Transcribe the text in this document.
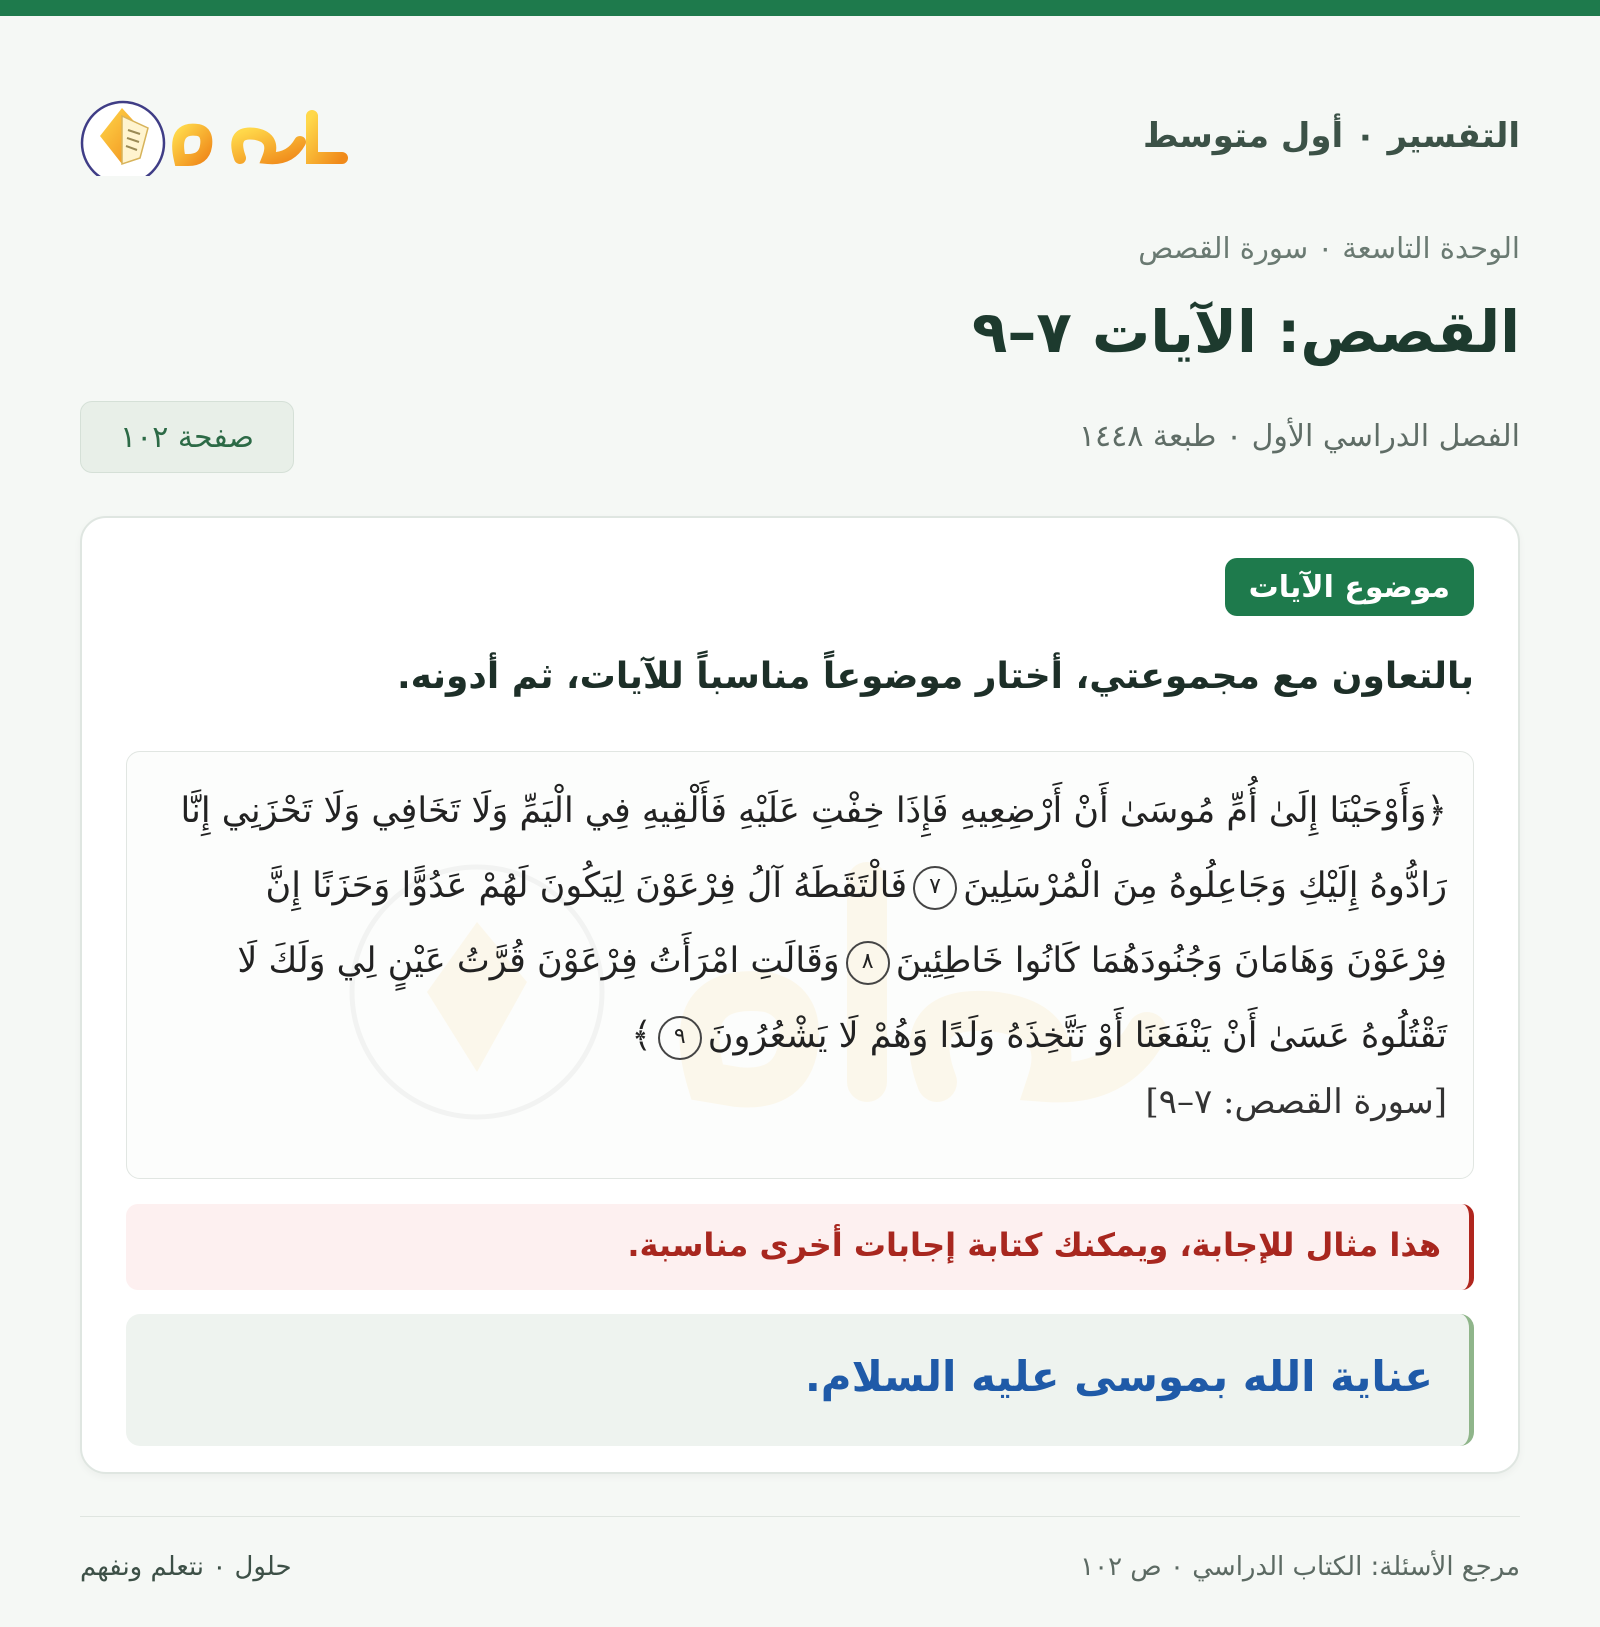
التفسير ٠ أول متوسط
الوحدة التاسعة ٠ سورة القصص
القصص: الآيات ٧–٩
الفصل الدراسي الأول ٠ طبعة ١٤٤٨
صفحة ١٠٢
موضوع الآيات
بالتعاون مع مجموعتي، أختار موضوعاً مناسباً للآيات، ثم أدونه.
﴿وَأَوْحَيْنَا إِلَىٰ أُمِّ مُوسَىٰ أَنْ أَرْضِعِيهِ فَإِذَا خِفْتِ عَلَيْهِ فَأَلْقِيهِ فِي الْيَمِّ وَلَا تَخَافِي وَلَا تَحْزَنِي إِنَّا رَادُّوهُ إِلَيْكِ وَجَاعِلُوهُ مِنَ الْمُرْسَلِينَ٧فَالْتَقَطَهُ آلُ فِرْعَوْنَ لِيَكُونَ لَهُمْ عَدُوًّا وَحَزَنًا إِنَّ فِرْعَوْنَ وَهَامَانَ وَجُنُودَهُمَا كَانُوا خَاطِئِينَ٨وَقَالَتِ امْرَأَتُ فِرْعَوْنَ قُرَّتُ عَيْنٍ لِي وَلَكَ لَا تَقْتُلُوهُ عَسَىٰ أَنْ يَنْفَعَنَا أَوْ نَتَّخِذَهُ وَلَدًا وَهُمْ لَا يَشْعُرُونَ٩﴾
[سورة القصص: ٧–٩]
هذا مثال للإجابة، ويمكنك كتابة إجابات أخرى مناسبة.
عناية الله بموسى عليه السلام.
مرجع الأسئلة: الكتاب الدراسي ٠ ص ١٠٢
حلول ٠ نتعلم ونفهم
